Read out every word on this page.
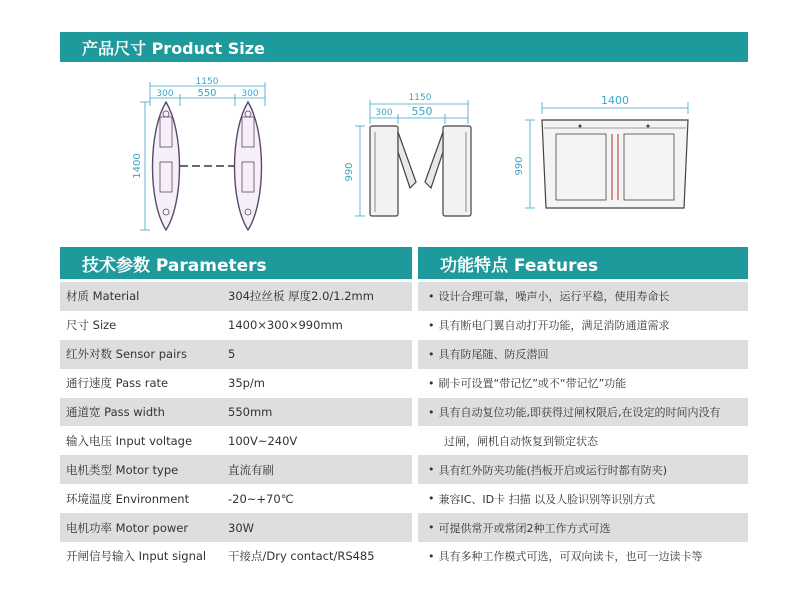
产品尺寸 Product Size
1150
300 550	300
1400
1150
300 550
990
1400
990
技术参数 Parameters	功能特点 Features
材质 Material	304拉丝板 厚度2.0/1.2mm
尺寸 Size	1400×300×990mm
红外对数 Sensor pairs	5
通行速度 Pass rate	35p/m
通道宽 Pass width	550mm
输入电压 Input voltage	100V~240V
电机类型 Motor type	直流有刷
环境温度 Environment	-20~+70℃
电机功率 Motor power	30W
开闸信号输入 Input signal	干接点/Dry contact/RS485
• 设计合理可靠，噪声小，运行平稳，使用寿命长
• 具有断电门翼自动打开功能，满足消防通道需求
• 具有防尾随、防反潜回
• 刷卡可设置“带记忆”或不“带记忆”功能
• 具有自动复位功能,即获得过闸权限后,在设定的时间内没有
过闸，闸机自动恢复到锁定状态
• 具有红外防夹功能(挡板开启或运行时都有防夹)
• 兼容IC、ID卡 扫描 以及人脸识别等识别方式
• 可提供常开或常闭2种工作方式可选
• 具有多种工作模式可选，可双向读卡，也可一边读卡等
